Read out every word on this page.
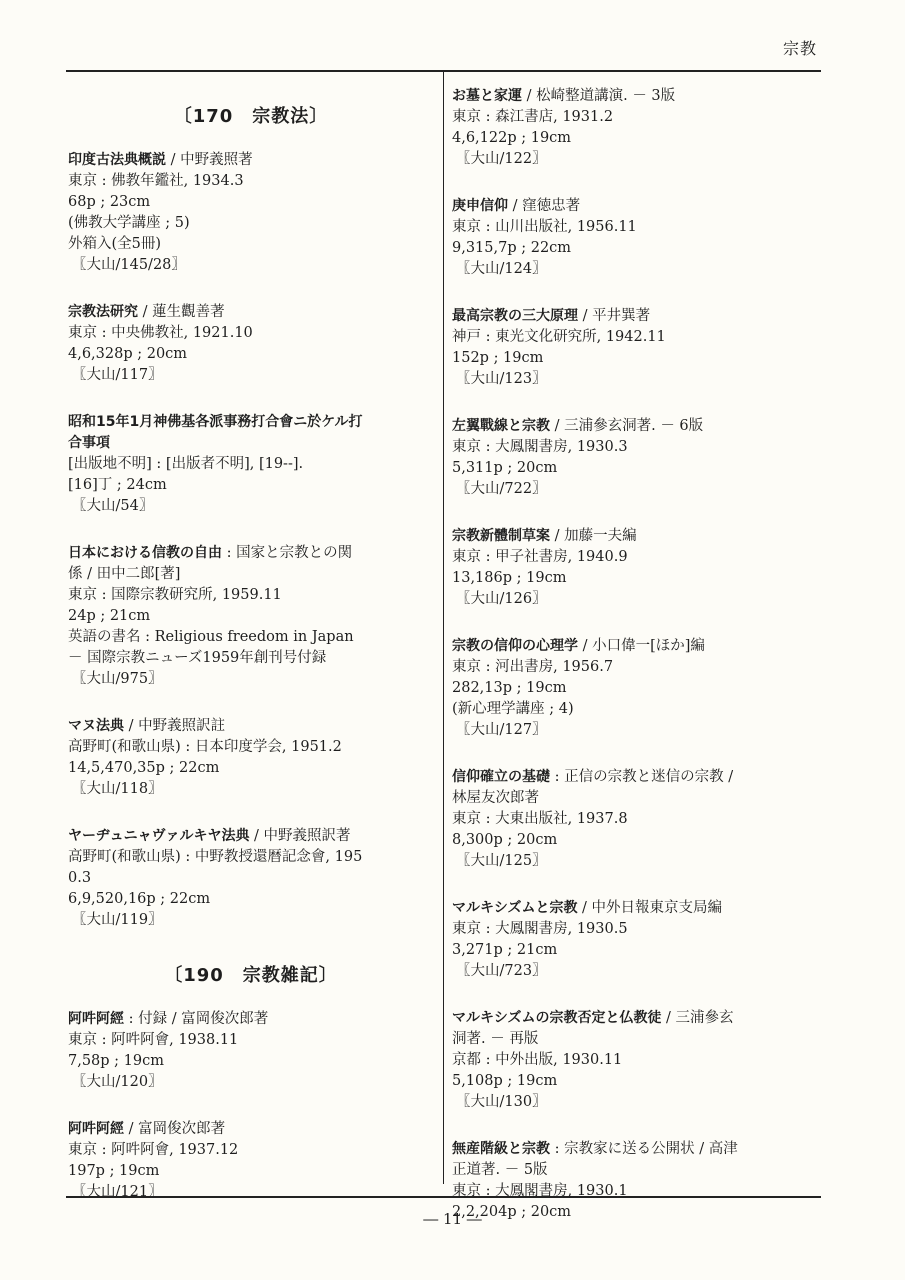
宗教
〔170　宗教法〕
印度古法典概説 / 中野義照著
東京 : 佛教年鑑社, 1934.3
68p ; 23cm
(佛教大学講座 ; 5)
外箱入(全5冊)
〖大山/145/28〗
宗教法研究 / 蓮生觀善著
東京 : 中央佛教社, 1921.10
4,6,328p ; 20cm
〖大山/117〗
昭和15年1月神佛基各派事務打合會ニ於ケル打
合事項
[出版地不明] : [出版者不明], [19--].
[16]丁 ; 24cm
〖大山/54〗
日本における信教の自由 : 国家と宗教との関
係 / 田中二郎[著]
東京 : 国際宗教研究所, 1959.11
24p ; 21cm
英語の書名 : Religious freedom in Japan
－ 国際宗教ニューズ1959年創刊号付録
〖大山/975〗
マヌ法典 / 中野義照訳註
高野町(和歌山県) : 日本印度学会, 1951.2
14,5,470,35p ; 22cm
〖大山/118〗
ヤーヂュニャヴァルキヤ法典 / 中野義照訳著
高野町(和歌山県) : 中野教授還暦記念會, 195
0.3
6,9,520,16p ; 22cm
〖大山/119〗
〔190　宗教雑記〕
阿吽阿經 : 付録 / 富岡俊次郎著
東京 : 阿吽阿會, 1938.11
7,58p ; 19cm
〖大山/120〗
阿吽阿經 / 富岡俊次郎著
東京 : 阿吽阿會, 1937.12
197p ; 19cm
〖大山/121〗
お墓と家運 / 松崎整道講演. － 3版
東京 : 森江書店, 1931.2
4,6,122p ; 19cm
〖大山/122〗
庚申信仰 / 窪徳忠著
東京 : 山川出版社, 1956.11
9,315,7p ; 22cm
〖大山/124〗
最高宗教の三大原理 / 平井巽著
神戸 : 東光文化研究所, 1942.11
152p ; 19cm
〖大山/123〗
左翼戰線と宗教 / 三浦參玄洞著. － 6版
東京 : 大鳳閣書房, 1930.3
5,311p ; 20cm
〖大山/722〗
宗教新體制草案 / 加藤一夫編
東京 : 甲子社書房, 1940.9
13,186p ; 19cm
〖大山/126〗
宗教の信仰の心理学 / 小口偉一[ほか]編
東京 : 河出書房, 1956.7
282,13p ; 19cm
(新心理学講座 ; 4)
〖大山/127〗
信仰確立の基礎 : 正信の宗教と迷信の宗教 /
林屋友次郎著
東京 : 大東出版社, 1937.8
8,300p ; 20cm
〖大山/125〗
マルキシズムと宗教 / 中外日報東京支局編
東京 : 大鳳閣書房, 1930.5
3,271p ; 21cm
〖大山/723〗
マルキシズムの宗教否定と仏教徒 / 三浦參玄
洞著. － 再版
京都 : 中外出版, 1930.11
5,108p ; 19cm
〖大山/130〗
無産階級と宗教 : 宗教家に送る公開状 / 高津
正道著. － 5版
東京 : 大鳳閣書房, 1930.1
2,2,204p ; 20cm
― 11 ―
